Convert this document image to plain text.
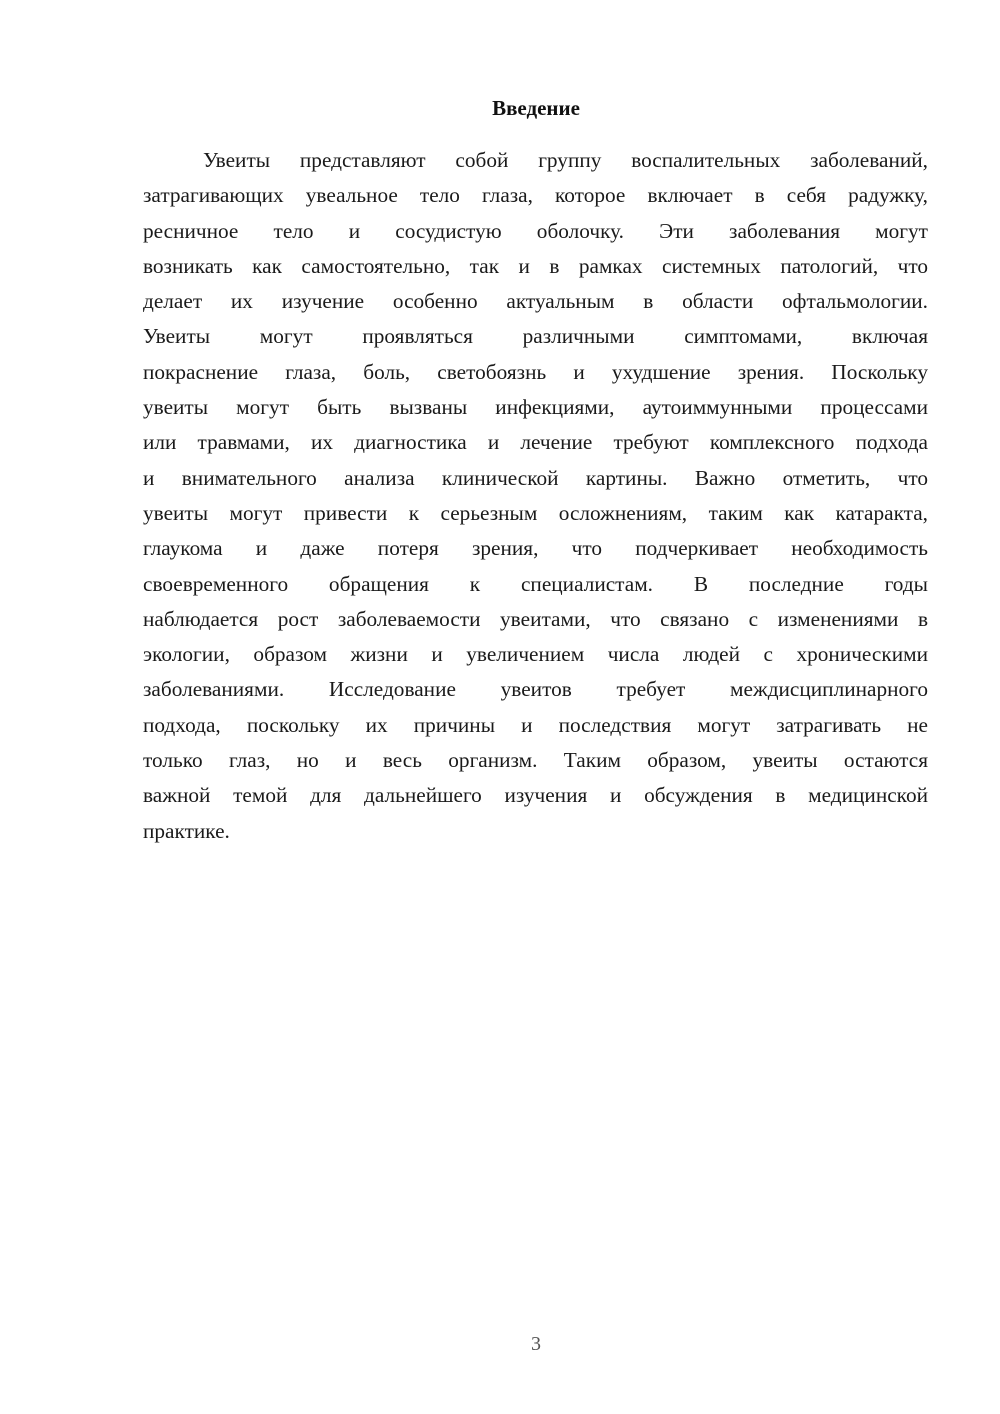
Введение
Увеиты представляют собой группу воспалительных заболеваний,
затрагивающих увеальное тело глаза, которое включает в себя радужку,
ресничное тело и сосудистую оболочку. Эти заболевания могут
возникать как самостоятельно, так и в рамках системных патологий, что
делает их изучение особенно актуальным в области офтальмологии.
Увеиты могут проявляться различными симптомами, включая
покраснение глаза, боль, светобоязнь и ухудшение зрения. Поскольку
увеиты могут быть вызваны инфекциями, аутоиммунными процессами
или травмами, их диагностика и лечение требуют комплексного подхода
и внимательного анализа клинической картины. Важно отметить, что
увеиты могут привести к серьезным осложнениям, таким как катаракта,
глаукома и даже потеря зрения, что подчеркивает необходимость
своевременного обращения к специалистам. В последние годы
наблюдается рост заболеваемости увеитами, что связано с изменениями в
экологии, образом жизни и увеличением числа людей с хроническими
заболеваниями. Исследование увеитов требует междисциплинарного
подхода, поскольку их причины и последствия могут затрагивать не
только глаз, но и весь организм. Таким образом, увеиты остаются
важной темой для дальнейшего изучения и обсуждения в медицинской
практике.
3
